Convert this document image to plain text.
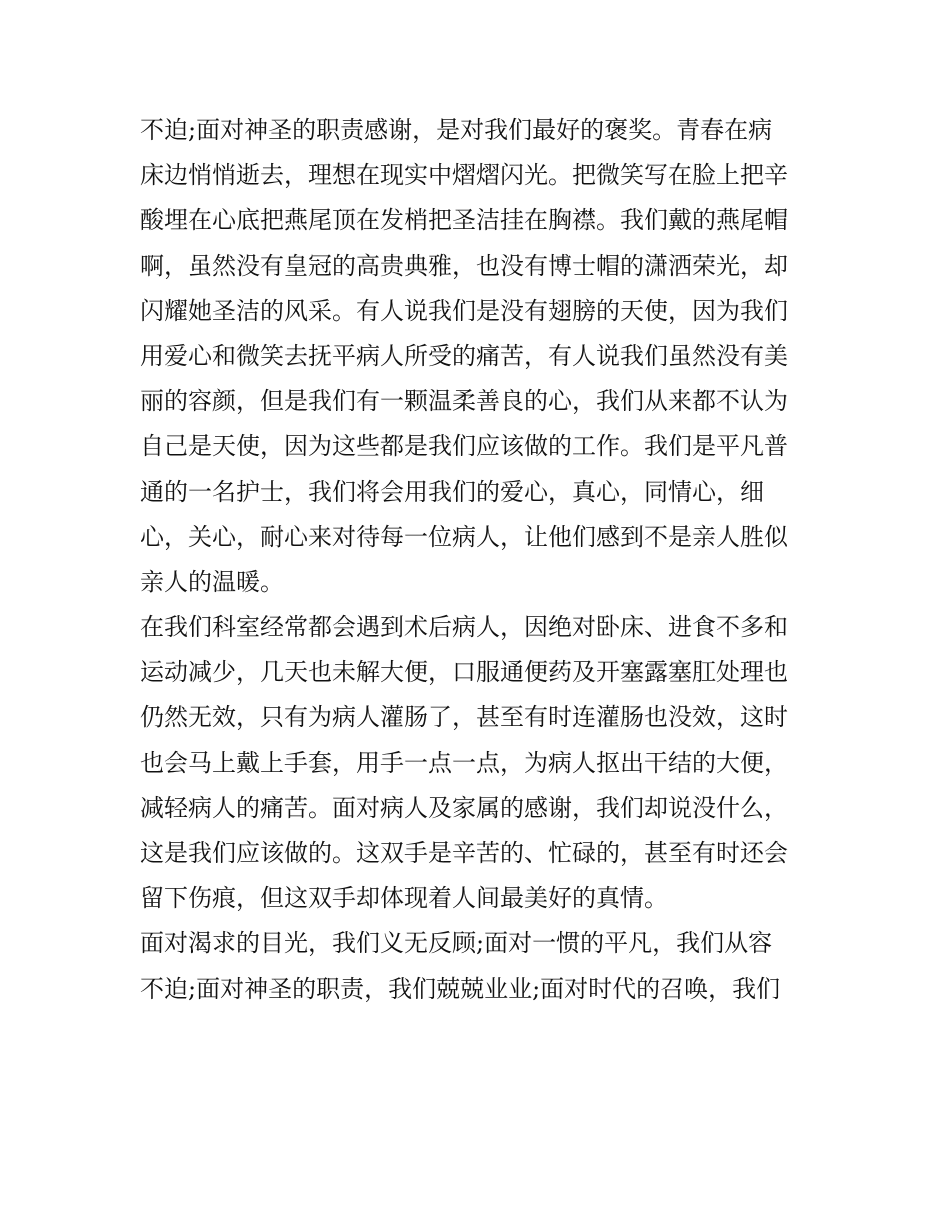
不迫;面对神圣的职责感谢，是对我们最好的褒奖。青春在病
床边悄悄逝去，理想在现实中熠熠闪光。把微笑写在脸上把辛
酸埋在心底把燕尾顶在发梢把圣洁挂在胸襟。我们戴的燕尾帽
啊，虽然没有皇冠的高贵典雅，也没有博士帽的潇洒荣光，却
闪耀她圣洁的风采。有人说我们是没有翅膀的天使，因为我们
用爱心和微笑去抚平病人所受的痛苦，有人说我们虽然没有美
丽的容颜，但是我们有一颗温柔善良的心，我们从来都不认为
自己是天使，因为这些都是我们应该做的工作。我们是平凡普
通的一名护士，我们将会用我们的爱心，真心，同情心，细
心，关心，耐心来对待每一位病人，让他们感到不是亲人胜似
亲人的温暖。
在我们科室经常都会遇到术后病人，因绝对卧床、进食不多和
运动减少，几天也未解大便，口服通便药及开塞露塞肛处理也
仍然无效，只有为病人灌肠了，甚至有时连灌肠也没效，这时
也会马上戴上手套，用手一点一点，为病人抠出干结的大便，
减轻病人的痛苦。面对病人及家属的感谢，我们却说没什么，
这是我们应该做的。这双手是辛苦的、忙碌的，甚至有时还会
留下伤痕，但这双手却体现着人间最美好的真情。
面对渴求的目光，我们义无反顾;面对一惯的平凡，我们从容
不迫;面对神圣的职责，我们兢兢业业;面对时代的召唤，我们
